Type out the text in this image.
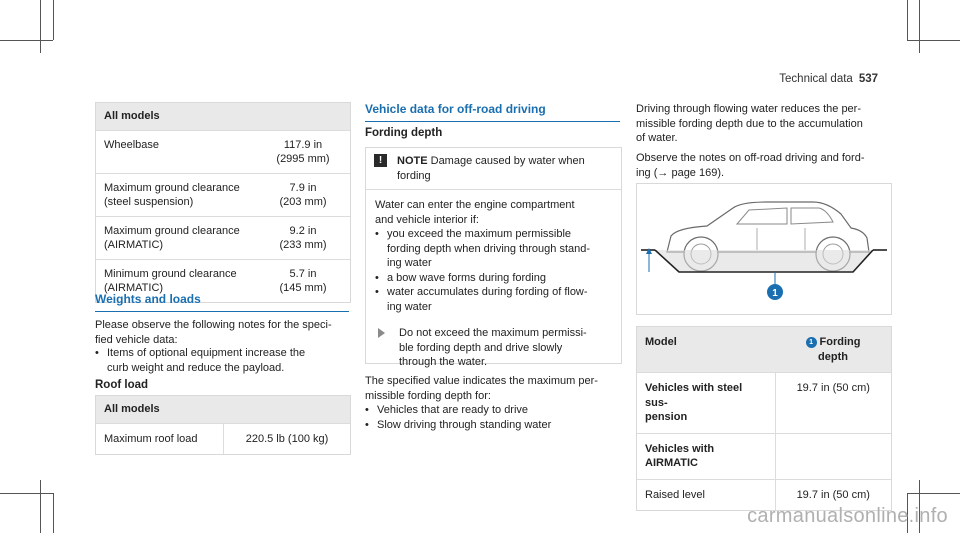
Technical data 537
All models	
Wheelbase	117.9 in
(2995 mm)
Maximum ground clearance
(steel suspension)	7.9 in
(203 mm)
Maximum ground clearance
(AIRMATIC)	9.2 in
(233 mm)
Minimum ground clearance
(AIRMATIC)	5.7 in
(145 mm)
Weights and loads
Please observe the following notes for the speci-
fied vehicle data:
• Items of optional equipment increase the
curb weight and reduce the payload.
Roof load
All models
Maximum roof load	220.5 lb (100 kg)
Vehicle data for off-road driving
Fording depth
!	NOTE Damage caused by water when
fording
Water can enter the engine compartment
and vehicle interior if:
• you exceed the maximum permissible
fording depth when driving through stand-
ing water
• a bow wave forms during fording
• water accumulates during fording of flow-
ing water
Do not exceed the maximum permissi-
ble fording depth and drive slowly
through the water.
The specified value indicates the maximum per-
missible fording depth for:
• Vehicles that are ready to drive
• Slow driving through standing water
Driving through flowing water reduces the per-
missible fording depth due to the accumulation
of water.
Observe the notes on off-road driving and ford-
ing (→ page 169).
1
Model	1 Fording
depth
Vehicles with steel sus-
pension	19.7 in (50 cm)
Vehicles with AIRMATIC	
Raised level	19.7 in (50 cm)
carmanualsonline.info
